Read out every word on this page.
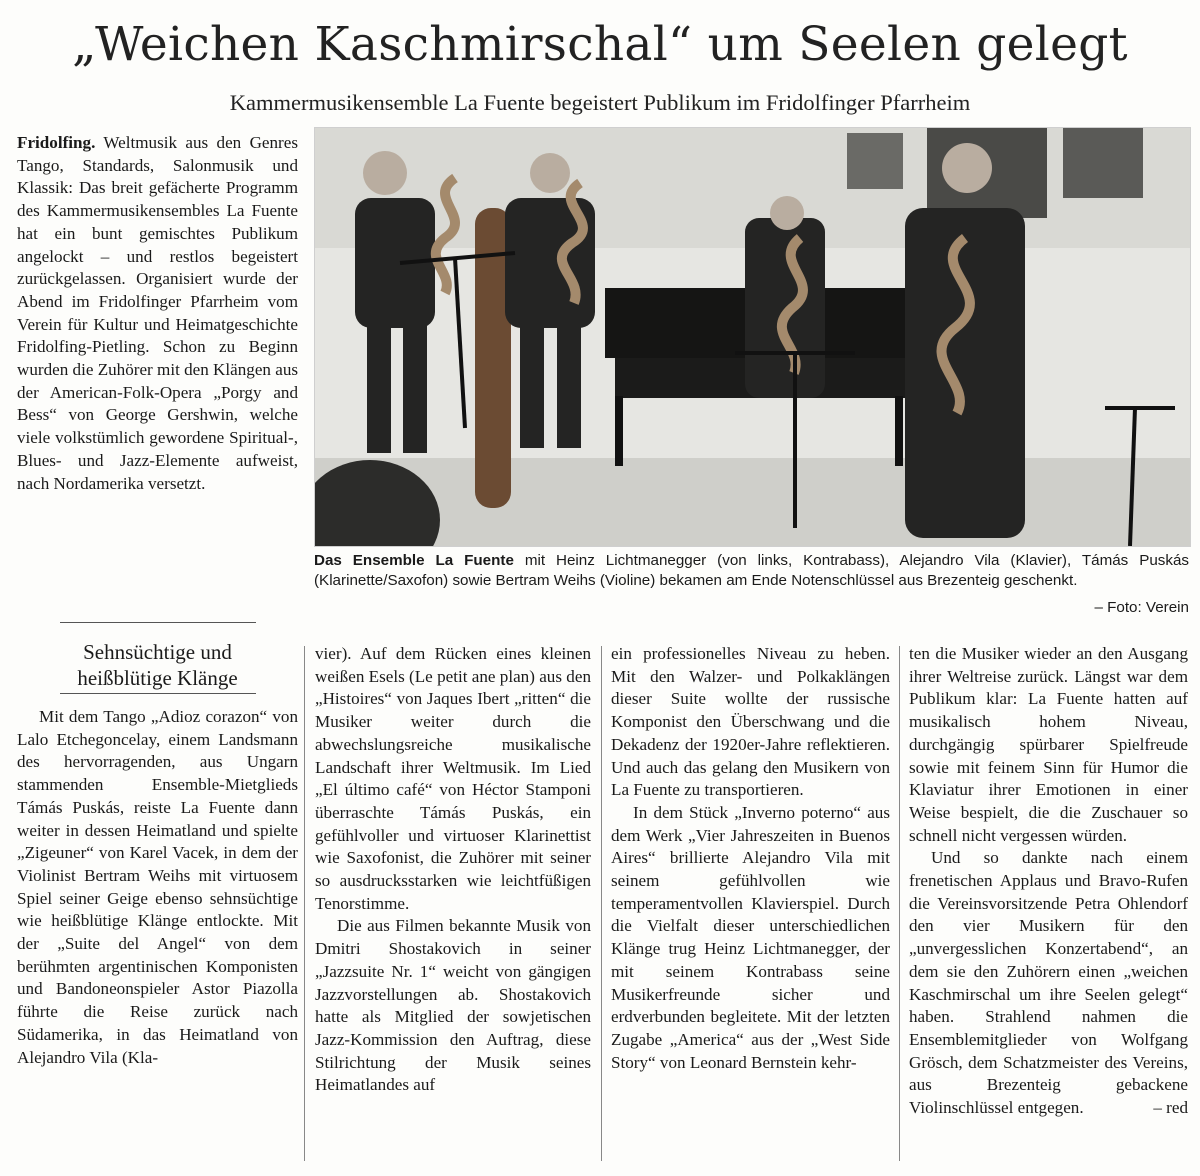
„Weichen Kaschmirschal“ um Seelen gelegt
Kammermusikensemble La Fuente begeistert Publikum im Fridolfinger Pfarrheim

Fridolfing. Weltmusik aus den Genres Tango, Standards, Salonmusik und Klassik: Das breit gefächerte Programm des Kammermusikensembles La Fuente hat ein bunt gemischtes Publikum angelockt – und restlos begeistert zurückgelassen. Organisiert wurde der Abend im Fridolfinger Pfarrheim vom Verein für Kultur und Heimatgeschichte Fridolfing-Pietling. Schon zu Beginn wurden die Zuhörer mit den Klängen aus der American-Folk-Opera „Porgy and Bess“ von George Gershwin, welche viele volkstümlich gewordene Spiritual-, Blues- und Jazz-Elemente aufweist, nach Nordamerika versetzt.

Sehnsüchtige und
heißblütige Klänge

Mit dem Tango „Adioz corazon“ von Lalo Etchegoncelay, einem Landsmann des hervorragenden, aus Ungarn stammenden Ensemble-Mietglieds Támás Puskás, reiste La Fuente dann weiter in dessen Heimatland und spielte „Zigeuner“ von Karel Vacek, in dem der Violinist Bertram Weihs mit virtuosem Spiel seiner Geige ebenso sehnsüchtige wie heißblütige Klänge entlockte. Mit der „Suite del Angel“ von dem berühmten argentinischen Komponisten und Bandoneonspieler Astor Piazolla führte die Reise zurück nach Südamerika, in das Heimatland von Alejandro Vila (Kla-

vier). Auf dem Rücken eines kleinen weißen Esels (Le petit ane plan) aus den „Histoires“ von Jaques Ibert „ritten“ die Musiker weiter durch die abwechslungsreiche musikalische Landschaft ihrer Weltmusik. Im Lied „El último café“ von Héctor Stamponi überraschte Támás Puskás, ein gefühlvoller und virtuoser Klarinettist wie Saxofonist, die Zuhörer mit seiner so ausdrucksstarken wie leichtfüßigen Tenorstimme.

Die aus Filmen bekannte Musik von Dmitri Shostakovich in seiner „Jazzsuite Nr. 1“ weicht von gängigen Jazzvorstellungen ab. Shostakovich hatte als Mitglied der sowjetischen Jazz-Kommission den Auftrag, diese Stilrichtung der Musik seines Heimatlandes auf

ein professionelles Niveau zu heben. Mit den Walzer- und Polkaklängen dieser Suite wollte der russische Komponist den Überschwang und die Dekadenz der 1920er-Jahre reflektieren. Und auch das gelang den Musikern von La Fuente zu transportieren.

In dem Stück „Inverno poterno“ aus dem Werk „Vier Jahreszeiten in Buenos Aires“ brillierte Alejandro Vila mit seinem gefühlvollen wie temperamentvollen Klavierspiel. Durch die Vielfalt dieser unterschiedlichen Klänge trug Heinz Lichtmanegger, der mit seinem Kontrabass seine Musikerfreunde sicher und erdverbunden begleitete. Mit der letzten Zugabe „America“ aus der „West Side Story“ von Leonard Bernstein kehr-

ten die Musiker wieder an den Ausgang ihrer Weltreise zurück. Längst war dem Publikum klar: La Fuente hatten auf musikalisch hohem Niveau, durchgängig spürbarer Spielfreude sowie mit feinem Sinn für Humor die Klaviatur ihrer Emotionen in einer Weise bespielt, die die Zuschauer so schnell nicht vergessen würden.

Und so dankte nach einem frenetischen Applaus und Bravo-Rufen die Vereinsvorsitzende Petra Ohlendorf den vier Musikern für den „unvergesslichen Konzertabend“, an dem sie den Zuhörern einen „weichen Kaschmirschal um ihre Seelen gelegt“ haben. Strahlend nahmen die Ensemblemitglieder von Wolfgang Grösch, dem Schatzmeister des Vereins, aus Brezenteig gebackene Violinschlüssel entgegen.	– red

Das Ensemble La Fuente mit Heinz Lichtmanegger (von links, Kontrabass), Alejandro Vila (Klavier), Támás Puskás (Klarinette/Saxofon) sowie Bertram Weihs (Violine) bekamen am Ende Notenschlüssel aus Brezenteig geschenkt.
– Foto: Verein
